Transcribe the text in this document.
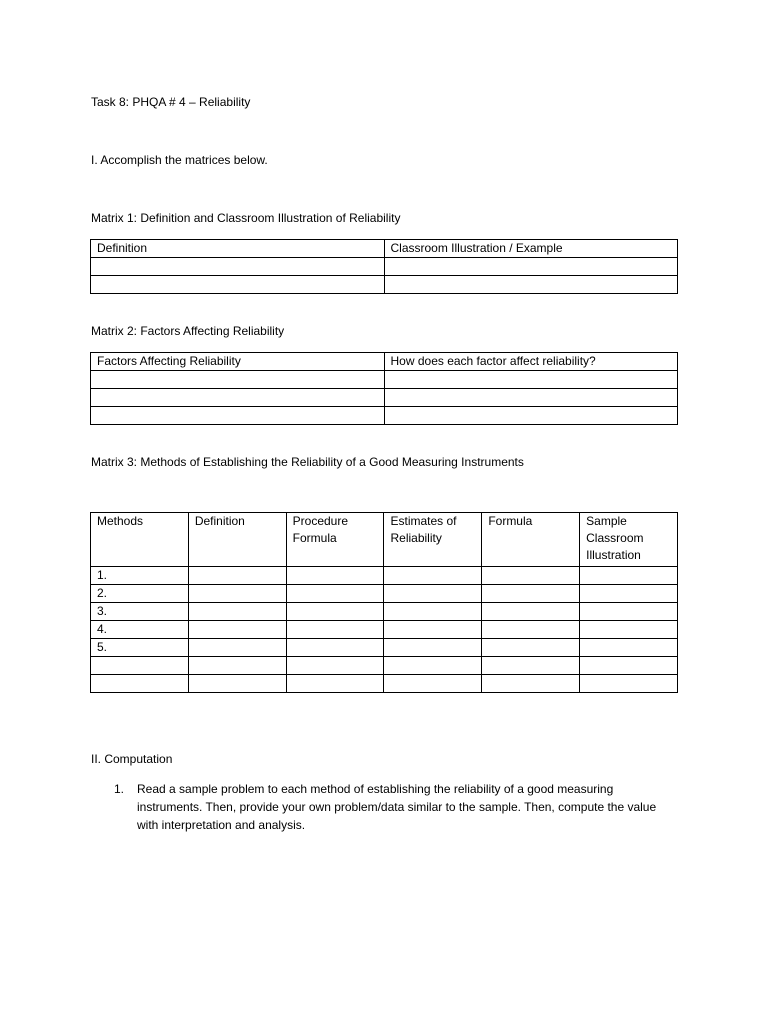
Task 8: PHQA # 4 – Reliability
I. Accomplish the matrices below.
Matrix 1: Definition and Classroom Illustration of Reliability
Definition	Classroom Illustration / Example

Matrix 2: Factors Affecting Reliability
Factors Affecting Reliability	How does each factor affect reliability?

Matrix 3: Methods of Establishing the Reliability of a Good Measuring Instruments
Methods	Definition	Procedure Formula	Estimates of Reliability	Formula	Sample Classroom Illustration
1.					
2.					
3.					
4.					
5.					

II. Computation
1. Read a sample problem to each method of establishing the reliability of a good measuring instruments. Then, provide your own problem/data similar to the sample. Then, compute the value with interpretation and analysis.
